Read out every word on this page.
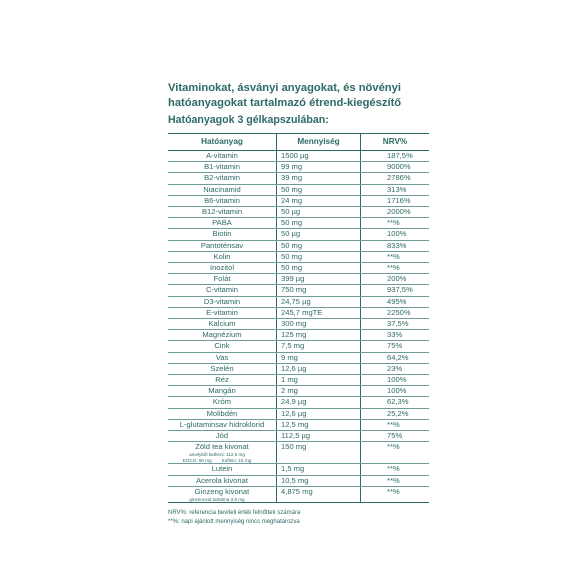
Vitaminokat, ásványi anyagokat, és növényi
hatóanyagokat tartalmazó étrend-kiegészítő
Hatóanyagok 3 gélkapszulában:
Hatóanyag	Mennyiség	NRV%
A-vitamin	1500 µg	187,5%
B1-vitamin	99 mg	9000%
B2-vitamin	39 mg	2786%
Niacinamid	50 mg	313%
B6-vitamin	24 mg	1716%
B12-vitamin	50 µg	2000%
PABA	50 mg	**%
Biotin	50 µg	100%
Pantoténsav	50 mg	833%
Kolin	50 mg	**%
Inozitol	50 mg	**%
Folát	399 µg	200%
C-vitamin	750 mg	937,5%
D3-vitamin	24,75 µg	495%
E-vitamin	245,7 mgTE	2250%
Kalcium	300 mg	37,5%
Magnézium	125 mg	33%
Cink	7,5 mg	75%
Vas	9 mg	64,2%
Szelén	12,6 µg	23%
Réz	1 mg	100%
Mangán	2 mg	100%
Króm	24,9 µg	62,3%
Molibdén	12,6 µg	25,2%
L-glutaminsav hidroklorid	12,5 mg	**%
Jód	112,5 µg	75%
Zöld tea kivonat
amelyből katheni: 112,5 mg
EGCG: 60 mg Koffein: 15 mg	150 mg	**%
Lutein	1,5 mg	**%
Acerola kivonat	10,5 mg	**%
Ginzeng kivonat
ginzenozid tartalma 3,9 mg	4,875 mg	**%
NRV%: referencia beviteli érték felnőttek számára
**%: napi ajánlott mennyiség nincs meghatározva
